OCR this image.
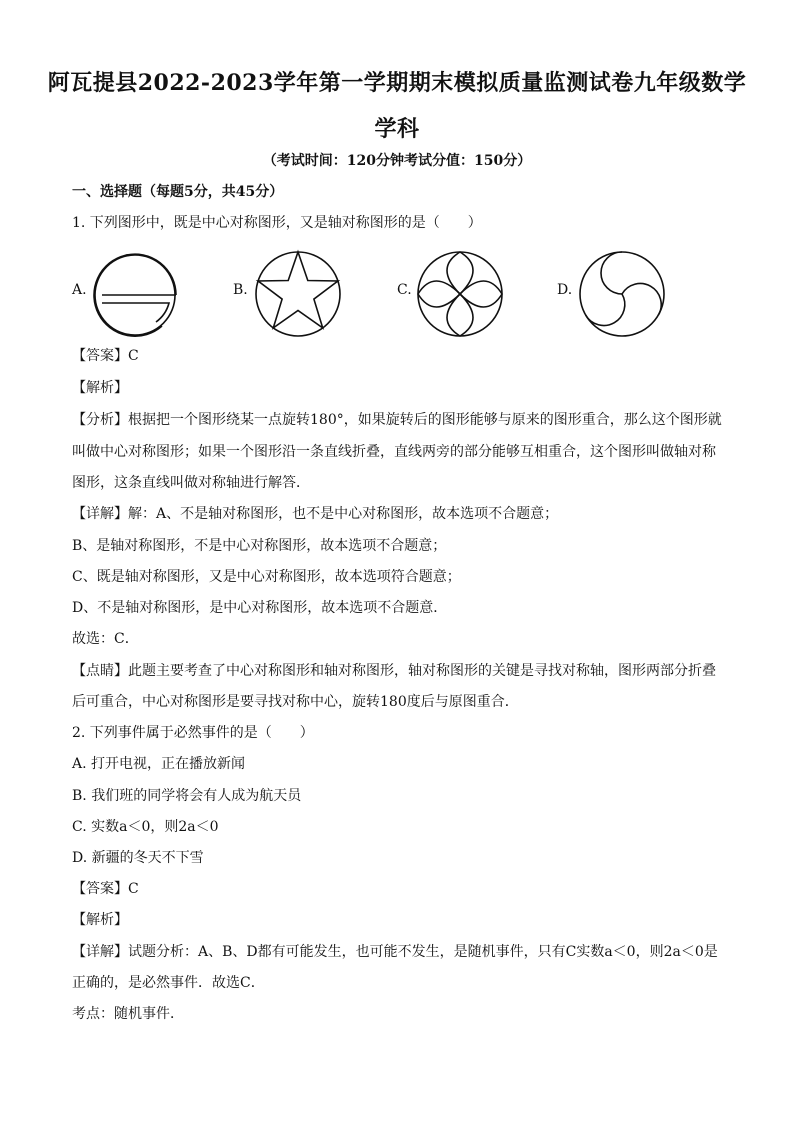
阿瓦提县2022-2023学年第一学期期末模拟质量监测试卷九年级数学
学科
（考试时间：120分钟考试分值：150分）
一、选择题（每题5分，共45分）
1. 下列图形中，既是中心对称图形，又是轴对称图形的是（　　）
A.	B.	C.	D.
【答案】C
【解析】
【分析】根据把一个图形绕某一点旋转180°，如果旋转后的图形能够与原来的图形重合，那么这个图形就
叫做中心对称图形；如果一个图形沿一条直线折叠，直线两旁的部分能够互相重合，这个图形叫做轴对称
图形，这条直线叫做对称轴进行解答．
【详解】解：A、不是轴对称图形，也不是中心对称图形，故本选项不合题意；
B、是轴对称图形，不是中心对称图形，故本选项不合题意；
C、既是轴对称图形，又是中心对称图形，故本选项符合题意；
D、不是轴对称图形，是中心对称图形，故本选项不合题意．
故选：C．
【点睛】此题主要考查了中心对称图形和轴对称图形，轴对称图形的关键是寻找对称轴，图形两部分折叠
后可重合，中心对称图形是要寻找对称中心，旋转180度后与原图重合．
2. 下列事件属于必然事件的是（　　）
A. 打开电视，正在播放新闻
B. 我们班的同学将会有人成为航天员
C. 实数a＜0，则2a＜0
D. 新疆的冬天不下雪
【答案】C
【解析】
【详解】试题分析：A、B、D都有可能发生，也可能不发生，是随机事件，只有C实数a＜0，则2a＜0是
正确的，是必然事件．故选C．
考点：随机事件．
